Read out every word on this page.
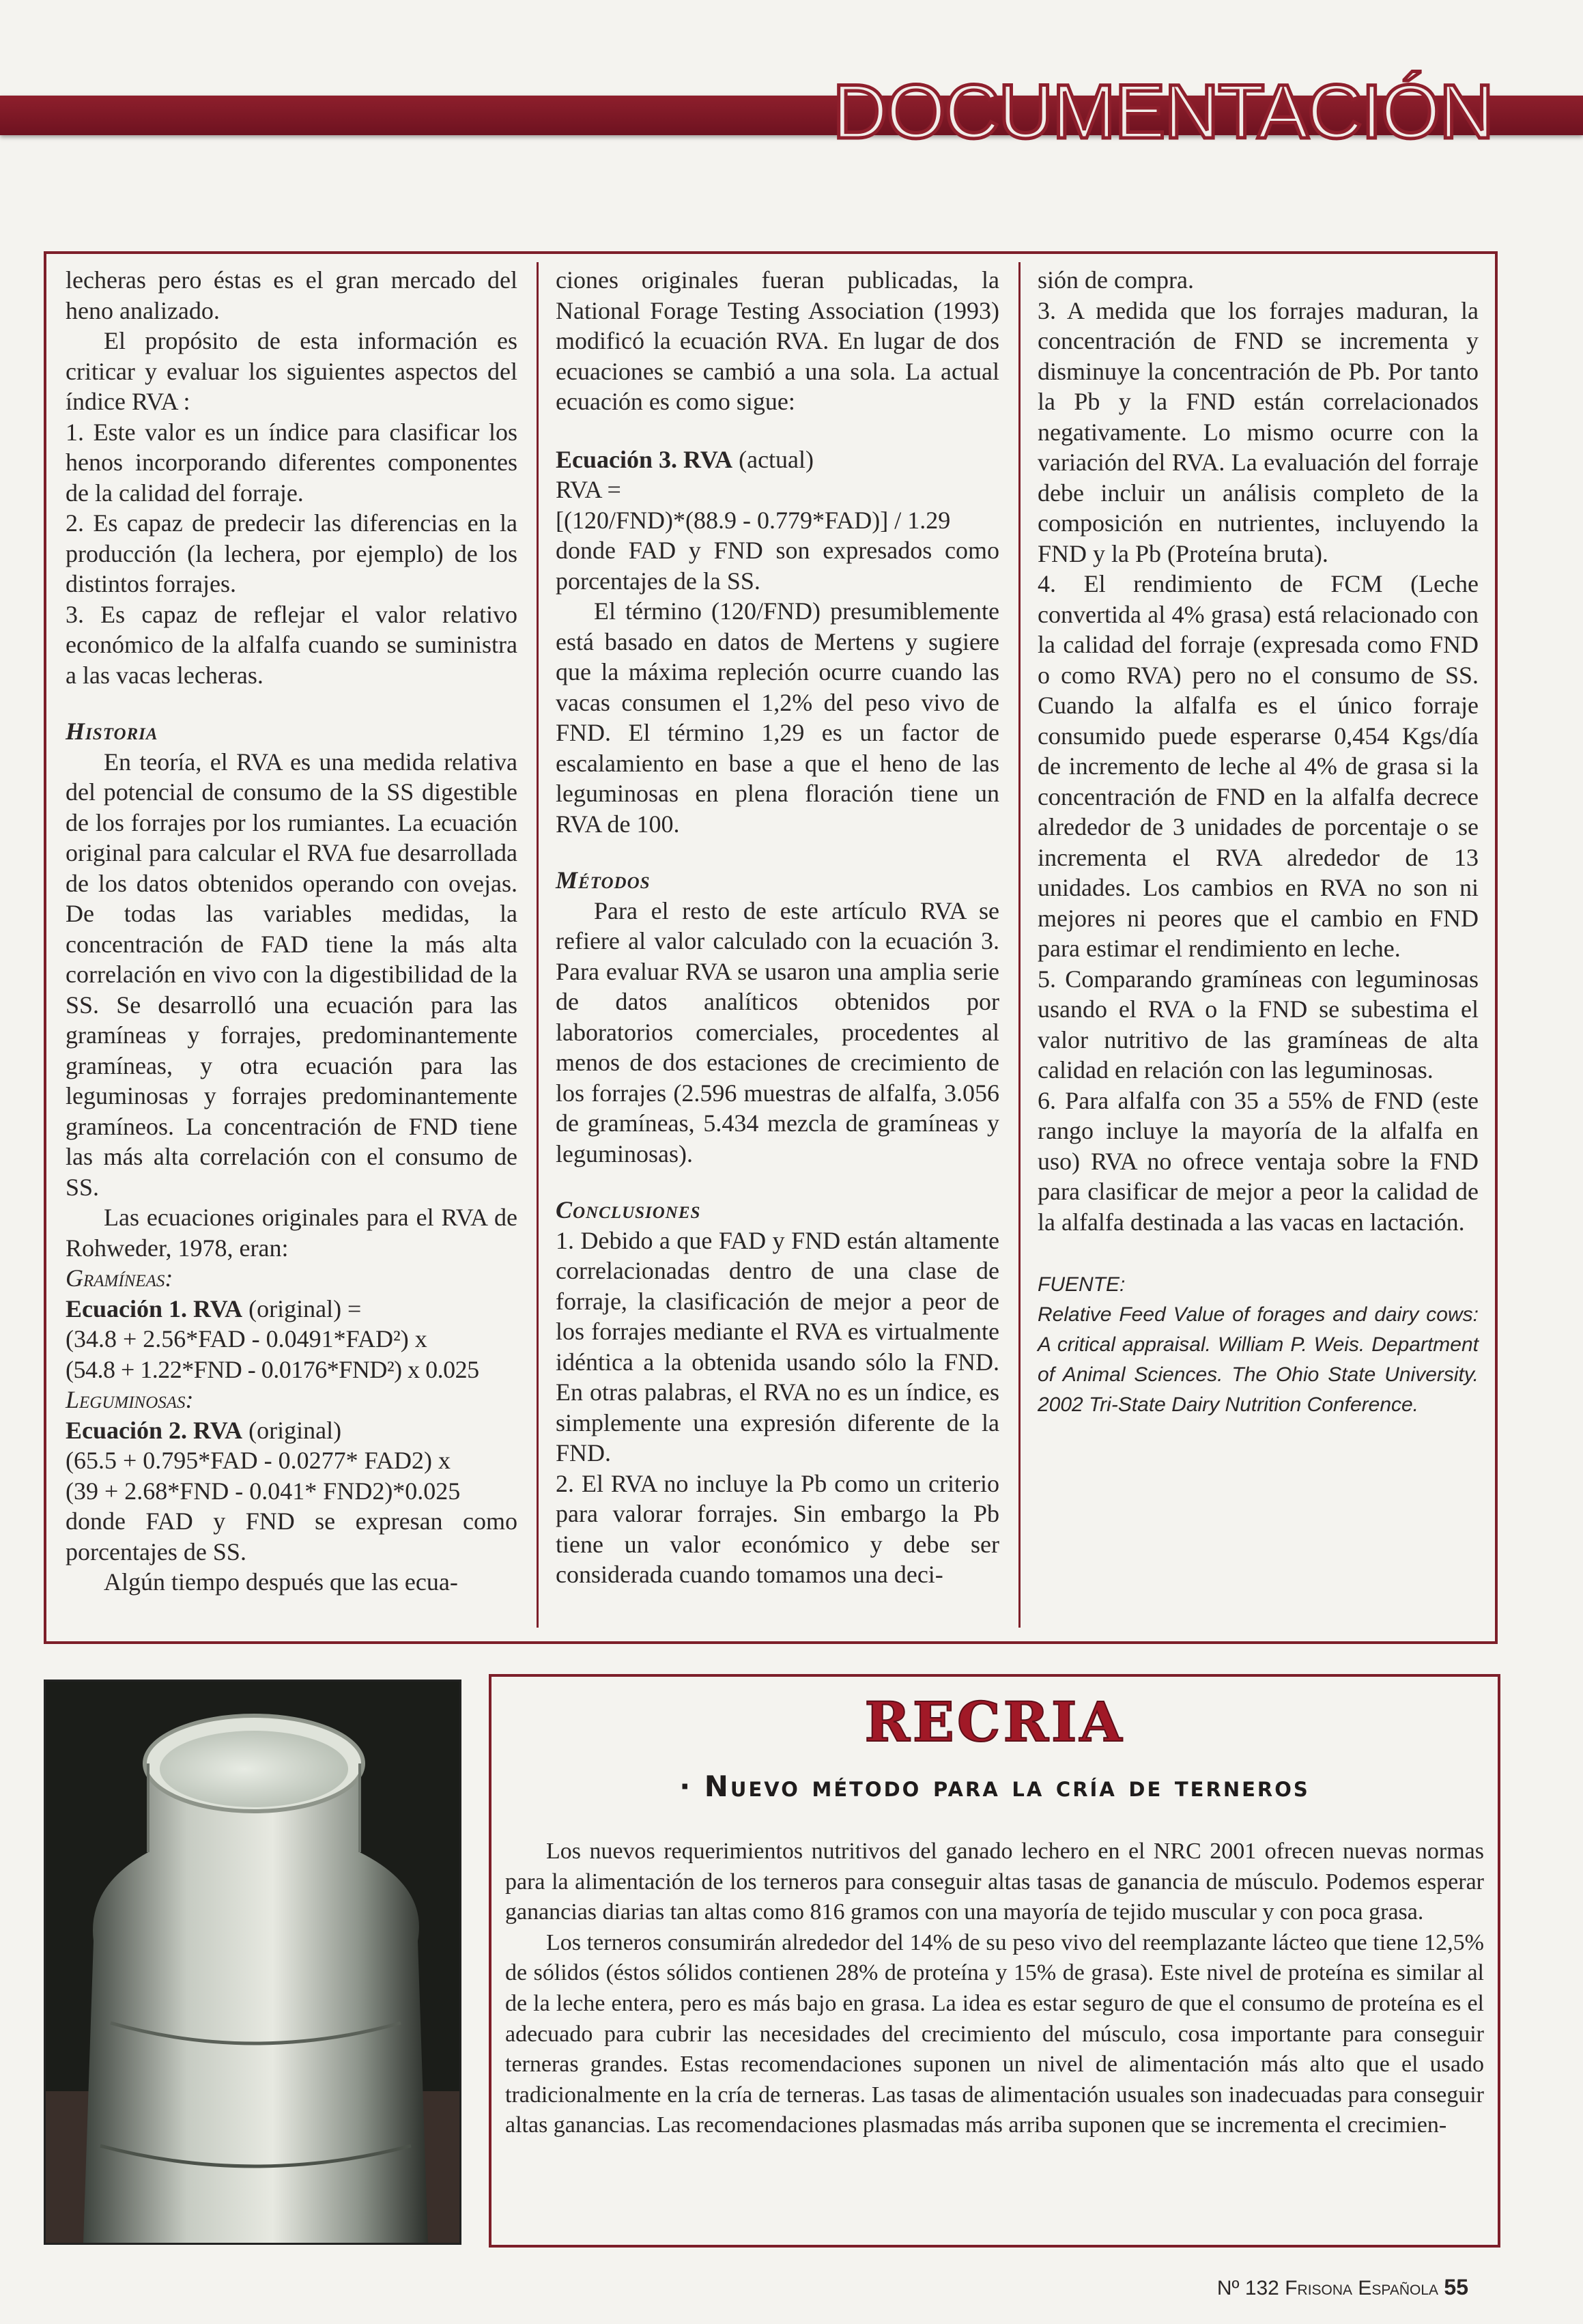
DOCUMENTACIÓN

lecheras pero éstas es el gran mercado del heno analizado.

El propósito de esta información es criticar y evaluar los siguientes aspectos del índice RVA :

1. Este valor es un índice para clasificar los henos incorporando diferentes componentes de la calidad del forraje.

2. Es capaz de predecir las diferencias en la producción (la lechera, por ejemplo) de los distintos forrajes.

3. Es capaz de reflejar el valor relativo económico de la alfalfa cuando se suministra a las vacas lecheras.

Historia

En teoría, el RVA es una medida relativa del potencial de consumo de la SS digestible de los forrajes por los rumiantes. La ecuación original para calcular el RVA fue desarrollada de los datos obtenidos operando con ovejas. De todas las variables medidas, la concentración de FAD tiene la más alta correlación en vivo con la digestibilidad de la SS. Se desarrolló una ecuación para las gramíneas y forrajes, predominantemente gramíneas, y otra ecuación para las leguminosas y forrajes predominantemente gramíneos. La concentración de FND tiene las más alta correlación con el consumo de SS.

Las ecuaciones originales para el RVA de Rohweder, 1978, eran:

Gramíneas:

Ecuación 1. RVA (original) =

(34.8 + 2.56*FAD - 0.0491*FAD²) x

(54.8 + 1.22*FND - 0.0176*FND²) x 0.025

Leguminosas:

Ecuación 2. RVA (original)

(65.5 + 0.795*FAD - 0.0277* FAD2) x

(39 + 2.68*FND - 0.041* FND2)*0.025

donde FAD y FND se expresan como porcentajes de SS.

Algún tiempo después que las ecua-

ciones originales fueran publicadas, la National Forage Testing Association (1993) modificó la ecuación RVA. En lugar de dos ecuaciones se cambió a una sola. La actual ecuación es como sigue:

Ecuación 3. RVA (actual)

RVA =

[(120/FND)*(88.9 - 0.779*FAD)] / 1.29

donde FAD y FND son expresados como porcentajes de la SS.

El término (120/FND) presumiblemente está basado en datos de Mertens y sugiere que la máxima repleción ocurre cuando las vacas consumen el 1,2% del peso vivo de FND. El término 1,29 es un factor de escalamiento en base a que el heno de las leguminosas en plena floración tiene un RVA de 100.

Métodos

Para el resto de este artículo RVA se refiere al valor calculado con la ecuación 3. Para evaluar RVA se usaron una amplia serie de datos analíticos obtenidos por laboratorios comerciales, procedentes al menos de dos estaciones de crecimiento de los forrajes (2.596 muestras de alfalfa, 3.056 de gramíneas, 5.434 mezcla de gramíneas y leguminosas).

Conclusiones

1. Debido a que FAD y FND están altamente correlacionadas dentro de una clase de forraje, la clasificación de mejor a peor de los forrajes mediante el RVA es virtualmente idéntica a la obtenida usando sólo la FND. En otras palabras, el RVA no es un índice, es simplemente una expresión diferente de la FND.

2. El RVA no incluye la Pb como un criterio para valorar forrajes. Sin embargo la Pb tiene un valor económico y debe ser considerada cuando tomamos una deci-

sión de compra.

3. A medida que los forrajes maduran, la concentración de FND se incrementa y disminuye la concentración de Pb. Por tanto la Pb y la FND están correlacionados negativamente. Lo mismo ocurre con la variación del RVA. La evaluación del forraje debe incluir un análisis completo de la composición en nutrientes, incluyendo la FND y la Pb (Proteína bruta).

4. El rendimiento de FCM (Leche convertida al 4% grasa) está relacionado con la calidad del forraje (expresada como FND o como RVA) pero no el consumo de SS. Cuando la alfalfa es el único forraje consumido puede esperarse 0,454 Kgs/día de incremento de leche al 4% de grasa si la concentración de FND en la alfalfa decrece alrededor de 3 unidades de porcentaje o se incrementa el RVA alrededor de 13 unidades. Los cambios en RVA no son ni mejores ni peores que el cambio en FND para estimar el rendimiento en leche.

5. Comparando gramíneas con leguminosas usando el RVA o la FND se subestima el valor nutritivo de las gramíneas de alta calidad en relación con las leguminosas.

6. Para alfalfa con 35 a 55% de FND (este rango incluye la mayoría de la alfalfa en uso) RVA no ofrece ventaja sobre la FND para clasificar de mejor a peor la calidad de la alfalfa destinada a las vacas en lactación.

FUENTE:
Relative Feed Value of forages and dairy cows: A critical appraisal. William P. Weis. Department of Animal Sciences. The Ohio State University. 2002 Tri-State Dairy Nutrition Conference.
RECRIA
· Nuevo método para la cría de terneros

Los nuevos requerimientos nutritivos del ganado lechero en el NRC 2001 ofrecen nuevas normas para la alimentación de los terneros para conseguir altas tasas de ganancia de músculo. Podemos esperar ganancias diarias tan altas como 816 gramos con una mayoría de tejido muscular y con poca grasa.

Los terneros consumirán alrededor del 14% de su peso vivo del reemplazante lácteo que tiene 12,5% de sólidos (éstos sólidos contienen 28% de proteína y 15% de grasa). Este nivel de proteína es similar al de la leche entera, pero es más bajo en grasa. La idea es estar seguro de que el consumo de proteína es el adecuado para cubrir las necesidades del crecimiento del músculo, cosa importante para conseguir terneras grandes. Estas recomendaciones suponen un nivel de alimentación más alto que el usado tradicionalmente en la cría de terneras. Las tasas de alimentación usuales son inadecuadas para conseguir altas ganancias. Las recomendaciones plasmadas más arriba suponen que se incrementa el crecimien-

Nº 132 Frisona Española 55
